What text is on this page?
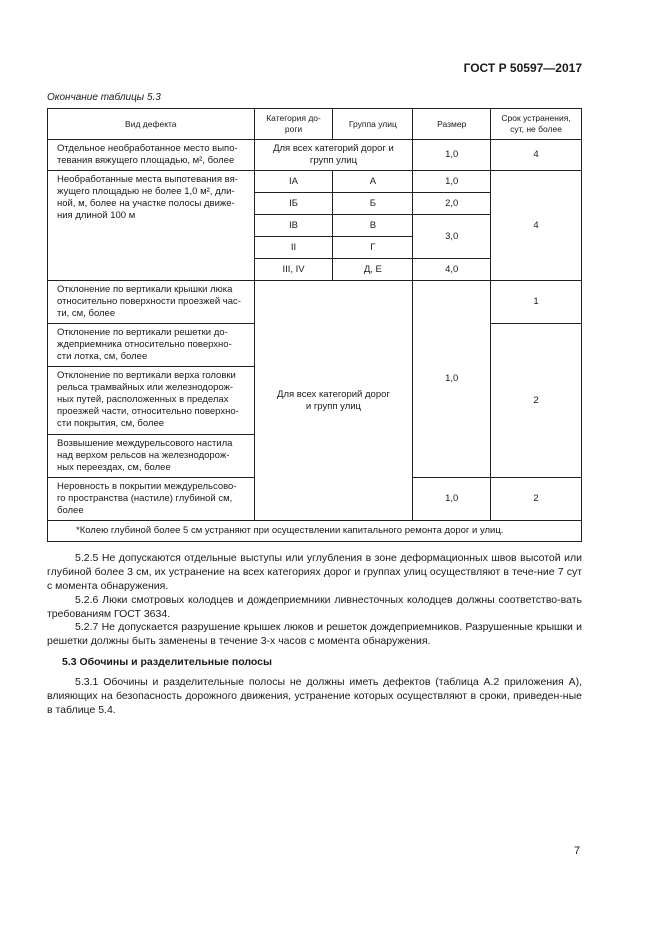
ГОСТ Р 50597—2017
Окончание таблицы 5.3
Вид дефекта	Категория до-
роги	Группа улиц	Размер	Срок устранения,
сут, не более
Отдельное необработанное место выпо-
тевания вяжущего площадью, м², более	Для всех категорий дорог и
групп улиц		1,0	4
Необработанные места выпотевания вя-
жущего площадью не более 1,0 м², дли-
ной, м, более на участке полосы движе-
ния длиной 100 м	IA	А	1,0	4
	IБ	Б	2,0	
	IB	В	3,0	
	II	Г		
	III, IV	Д, Е	4,0	
Отклонение по вертикали крышки люка
относительно поверхности проезжей час-
ти, см, более	Для всех категорий дорог
и групп улиц		1,0	1
Отклонение по вертикали решетки до-
ждеприемника относительно поверхно-
сти лотка, см, более				2
Отклонение по вертикали верха головки
рельса трамвайных или железнодорож-
ных путей, расположенных в пределах
проезжей части, относительно поверхно-
сти покрытия, см, более				
Возвышение междурельсового настила
над верхом рельсов на железнодорож-
ных переездах, см, более				
Неровность в покрытии междурельсово-
го пространства (настиле) глубиной см,
более			1,0	2
*Колею глубиной более 5 см устраняют при осуществлении капитального ремонта дорог и улиц.				

5.2.5 Не допускаются отдельные выступы или углубления в зоне деформационных швов высотой или глубиной более 3 см, их устранение на всех категориях дорог и группах улиц осуществляют в тече-ние 7 сут с момента обнаружения.

5.2.6 Люки смотровых колодцев и дождеприемники ливнесточных колодцев должны соответство-вать требованиям ГОСТ 3634.

5.2.7 Не допускается разрушение крышек люков и решеток дождеприемников. Разрушенные крышки и решетки должны быть заменены в течение 3-х часов с момента обнаружения.

5.3 Обочины и разделительные полосы

5.3.1 Обочины и разделительные полосы не должны иметь дефектов (таблица А.2 приложения А), влияющих на безопасность дорожного движения, устранение которых осуществляют в сроки, приведен-ные в таблице 5.4.

7
